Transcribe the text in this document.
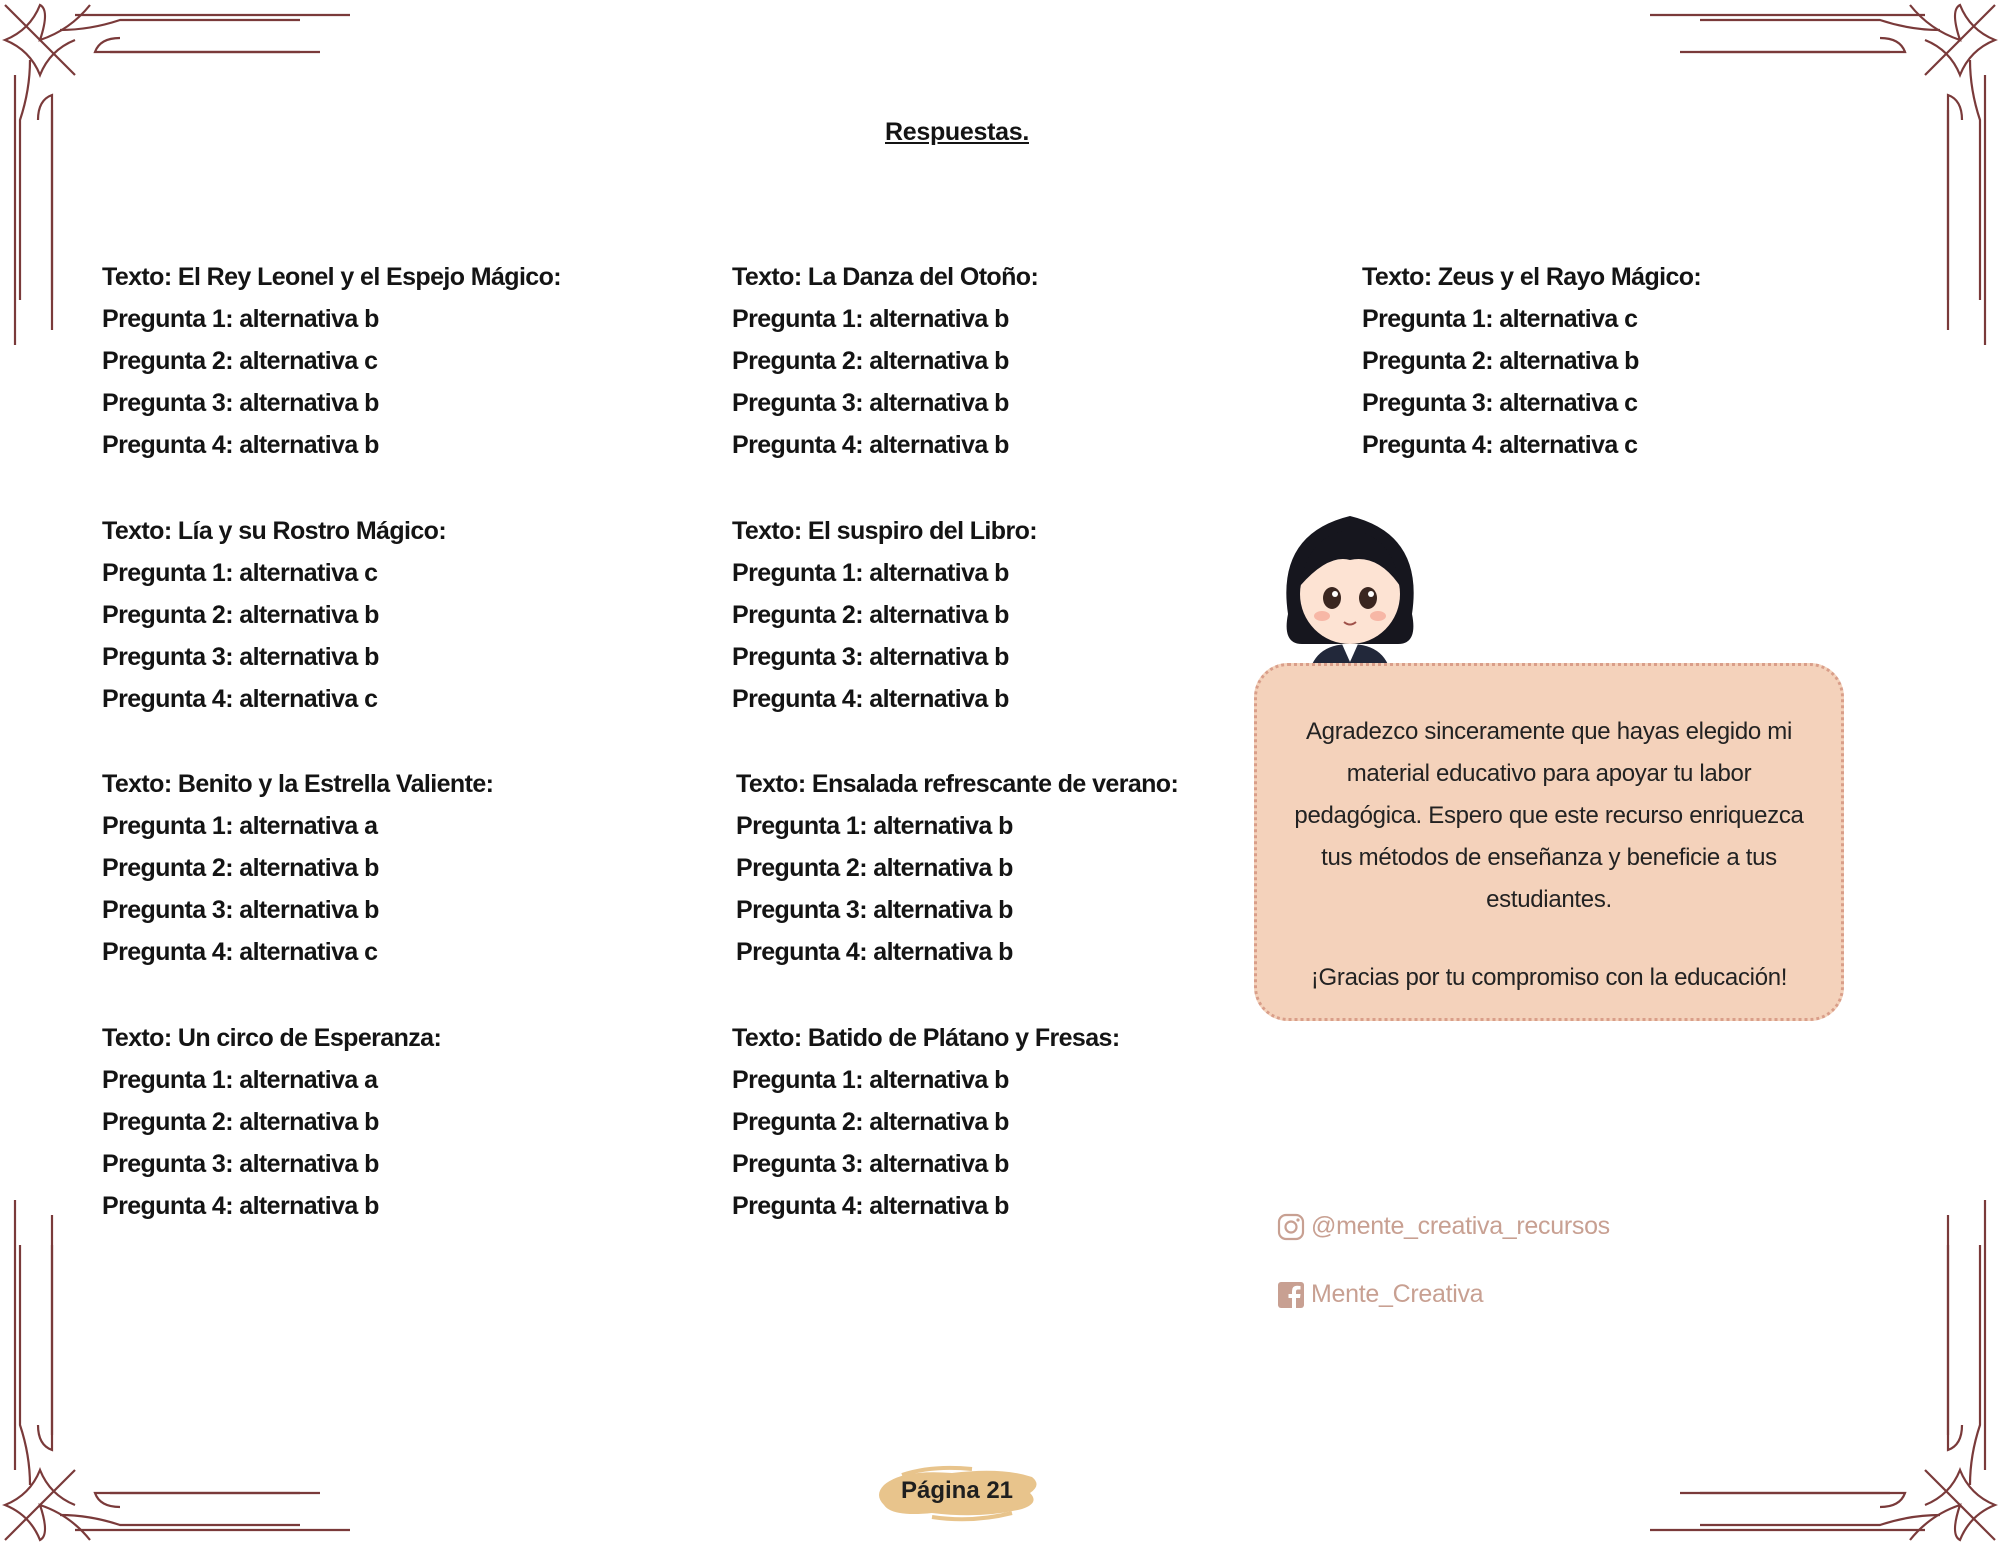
Respuestas.
Texto: El Rey Leonel y el Espejo Mágico:
Pregunta 1: alternativa b
Pregunta 2: alternativa c
Pregunta 3: alternativa b
Pregunta 4: alternativa b
Texto: Lía y su Rostro Mágico:
Pregunta 1: alternativa c
Pregunta 2: alternativa b
Pregunta 3: alternativa b
Pregunta 4: alternativa c
Texto: Benito y la Estrella Valiente:
Pregunta 1: alternativa a
Pregunta 2: alternativa b
Pregunta 3: alternativa b
Pregunta 4: alternativa c
Texto: Un circo de Esperanza:
Pregunta 1: alternativa a
Pregunta 2: alternativa b
Pregunta 3: alternativa b
Pregunta 4: alternativa b
Texto: La Danza del Otoño:
Pregunta 1: alternativa b
Pregunta 2: alternativa b
Pregunta 3: alternativa b
Pregunta 4: alternativa b
Texto: El suspiro del Libro:
Pregunta 1: alternativa b
Pregunta 2: alternativa b
Pregunta 3: alternativa b
Pregunta 4: alternativa b
Texto: Ensalada refrescante de verano:
Pregunta 1: alternativa b
Pregunta 2: alternativa b
Pregunta 3: alternativa b
Pregunta 4: alternativa b
Texto: Batido de Plátano y Fresas:
Pregunta 1: alternativa b
Pregunta 2: alternativa b
Pregunta 3: alternativa b
Pregunta 4: alternativa b
Texto: Zeus y el Rayo Mágico:
Pregunta 1: alternativa c
Pregunta 2: alternativa b
Pregunta 3: alternativa c
Pregunta 4: alternativa c
Agradezco sinceramente que hayas elegido mi material educativo para apoyar tu labor pedagógica. Espero que este recurso enriquezca tus métodos de enseñanza y beneficie a tus estudiantes.
¡Gracias por tu compromiso con la educación!
@mente_creativa_recursos
Mente_Creativa
Página 21
